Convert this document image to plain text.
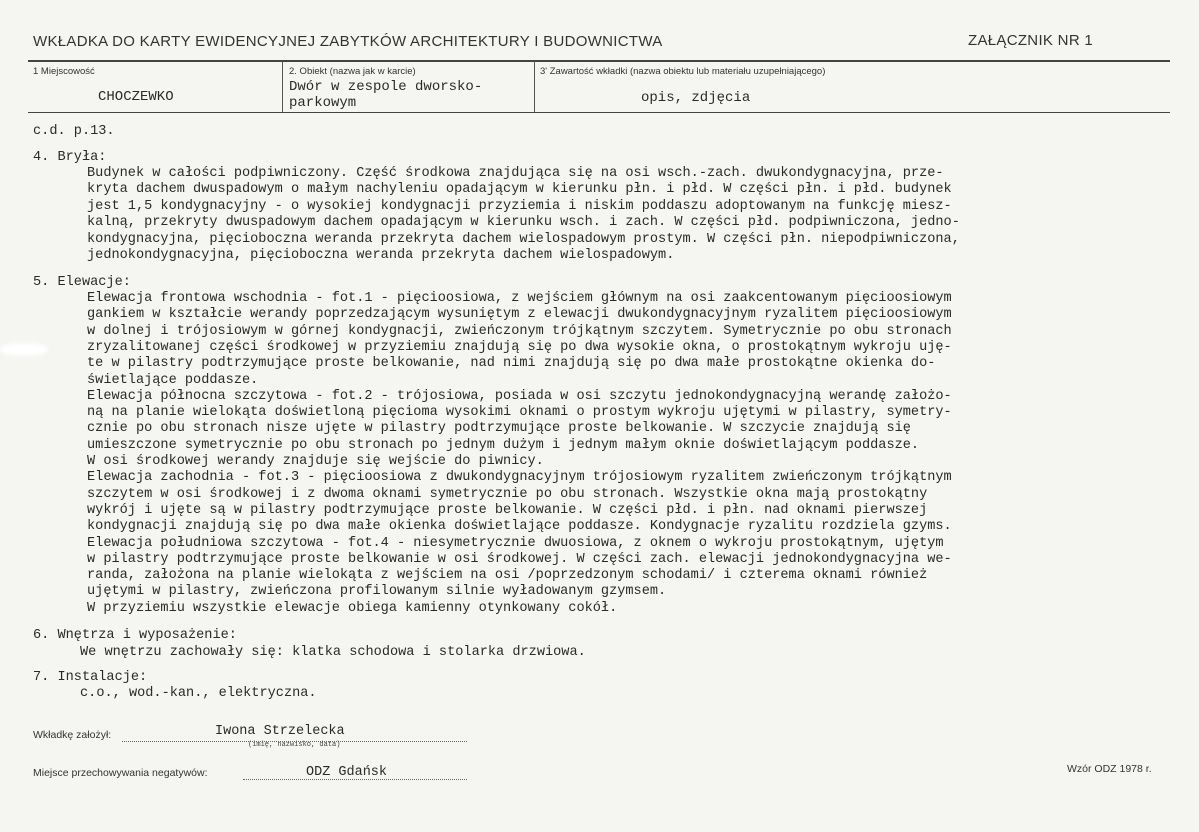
WKŁADKA DO KARTY EWIDENCYJNEJ ZABYTKÓW ARCHITEKTURY I BUDOWNICTWA	ZAŁĄCZNIK NR 1
1 Miejscowość
CHOCZEWKO
2. Obiekt (nazwa jak w karcie)
Dwór w zespole dworsko-
parkowym
3' Zawartość wkładki (nazwa obiektu lub materiału uzupełniającego)
opis, zdjęcia
c.d. p.13.
4. Bryła:
Budynek w całości podpiwniczony. Część środkowa znajdująca się na osi wsch.-zach. dwukondygnacyjna, prze-
kryta dachem dwuspadowym o małym nachyleniu opadającym w kierunku płn. i płd. W części płn. i płd. budynek
jest 1,5 kondygnacyjny - o wysokiej kondygnacji przyziemia i niskim poddaszu adoptowanym na funkcję miesz-
kalną, przekryty dwuspadowym dachem opadającym w kierunku wsch. i zach. W części płd. podpiwniczona, jedno-
kondygnacyjna, pięcioboczna weranda przekryta dachem wielospadowym prostym. W części płn. niepodpiwniczona,
jednokondygnacyjna, pięcioboczna weranda przekryta dachem wielospadowym.
5. Elewacje:
Elewacja frontowa wschodnia - fot.1 - pięcioosiowa, z wejściem głównym na osi zaakcentowanym pięcioosiowym
gankiem w kształcie werandy poprzedzającym wysuniętym z elewacji dwukondygnacyjnym ryzalitem pięcioosiowym
w dolnej i trójosiowym w górnej kondygnacji, zwieńczonym trójkątnym szczytem. Symetrycznie po obu stronach
zryzalitowanej części środkowej w przyziemiu znajdują się po dwa wysokie okna, o prostokątnym wykroju uję-
te w pilastry podtrzymujące proste belkowanie, nad nimi znajdują się po dwa małe prostokątne okienka do-
świetlające poddasze.
Elewacja północna szczytowa - fot.2 - trójosiowa, posiada w osi szczytu jednokondygnacyjną werandę założo-
ną na planie wielokąta doświetloną pięcioma wysokimi oknami o prostym wykroju ujętymi w pilastry, symetry-
cznie po obu stronach nisze ujęte w pilastry podtrzymujące proste belkowanie. W szczycie znajdują się
umieszczone symetrycznie po obu stronach po jednym dużym i jednym małym oknie doświetlającym poddasze.
W osi środkowej werandy znajduje się wejście do piwnicy.
Elewacja zachodnia - fot.3 - pięcioosiowa z dwukondygnacyjnym trójosiowym ryzalitem zwieńczonym trójkątnym
szczytem w osi środkowej i z dwoma oknami symetrycznie po obu stronach. Wszystkie okna mają prostokątny
wykrój i ujęte są w pilastry podtrzymujące proste belkowanie. W części płd. i płn. nad oknami pierwszej
kondygnacji znajdują się po dwa małe okienka doświetlające poddasze. Kondygnacje ryzalitu rozdziela gzyms.
Elewacja południowa szczytowa - fot.4 - niesymetrycznie dwuosiowa, z oknem o wykroju prostokątnym, ujętym
w pilastry podtrzymujące proste belkowanie w osi środkowej. W części zach. elewacji jednokondygnacyjna we-
randa, założona na planie wielokąta z wejściem na osi /poprzedzonym schodami/ i czterema oknami również
ujętymi w pilastry, zwieńczona profilowanym silnie wyładowanym gzymsem.
W przyziemiu wszystkie elewacje obiega kamienny otynkowany cokół.
6. Wnętrza i wyposażenie:
We wnętrzu zachowały się: klatka schodowa i stolarka drzwiowa.
7. Instalacje:
c.o., wod.-kan., elektryczna.
Wkładkę założył:	Iwona Strzelecka
(imię, nazwisko, data)
Miejsce przechowywania negatywów:	ODZ Gdańsk	Wzór ODZ 1978 r.
